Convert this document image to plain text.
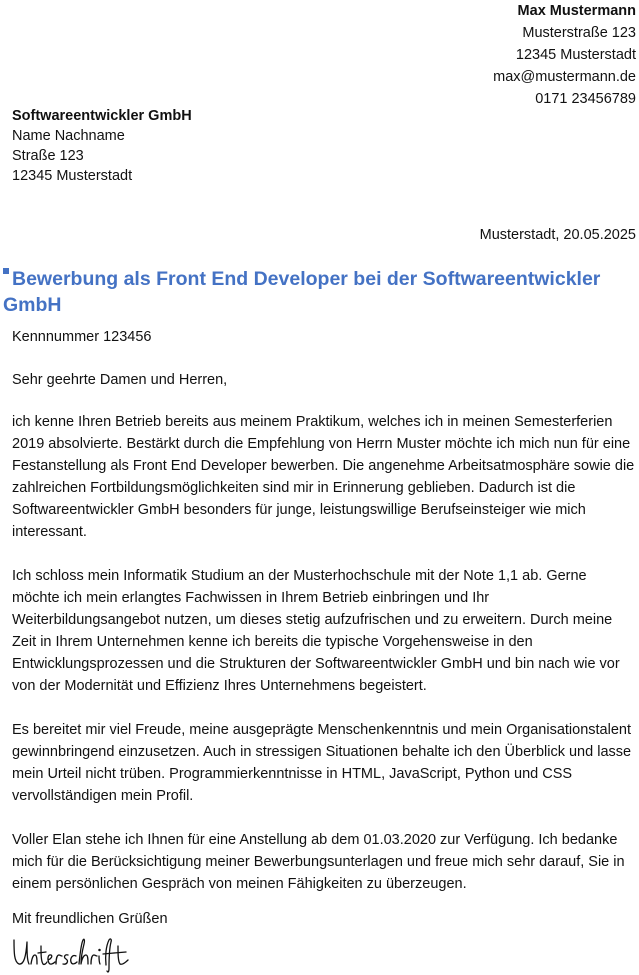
Max Mustermann
Musterstraße 123
12345 Musterstadt
max@mustermann.de
0171 23456789
Softwareentwickler GmbH
Name Nachname
Straße 123
12345 Musterstadt
Musterstadt, 20.05.2025
Bewerbung als Front End Developer bei der Softwareentwickler GmbH
Kennnummer 123456

Sehr geehrte Damen und Herren,

ich kenne Ihren Betrieb bereits aus meinem Praktikum, welches ich in meinen Semesterferien 2019 absolvierte. Bestärkt durch die Empfehlung von Herrn Muster möchte ich mich nun für eine Festanstellung als Front End Developer bewerben. Die angenehme Arbeitsatmosphäre sowie die zahlreichen Fortbildungsmöglichkeiten sind mir in Erinnerung geblieben. Dadurch ist die Softwareentwickler GmbH besonders für junge, leistungswillige Berufseinsteiger wie mich interessant.

Ich schloss mein Informatik Studium an der Musterhochschule mit der Note 1,1 ab. Gerne möchte ich mein erlangtes Fachwissen in Ihrem Betrieb einbringen und Ihr Weiterbildungsangebot nutzen, um dieses stetig aufzufrischen und zu erweitern. Durch meine Zeit in Ihrem Unternehmen kenne ich bereits die typische Vorgehensweise in den Entwicklungsprozessen und die Strukturen der Softwareentwickler GmbH und bin nach wie vor von der Modernität und Effizienz Ihres Unternehmens begeistert.

Es bereitet mir viel Freude, meine ausgeprägte Menschenkenntnis und mein Organisationstalent gewinnbringend einzusetzen. Auch in stressigen Situationen behalte ich den Überblick und lasse mein Urteil nicht trüben. Programmierkenntnisse in HTML, JavaScript, Python und CSS vervollständigen mein Profil.

Voller Elan stehe ich Ihnen für eine Anstellung ab dem 01.03.2020 zur Verfügung. Ich bedanke mich für die Berücksichtigung meiner Bewerbungsunterlagen und freue mich sehr darauf, Sie in einem persönlichen Gespräch von meinen Fähigkeiten zu überzeugen.

Mit freundlichen Grüßen
